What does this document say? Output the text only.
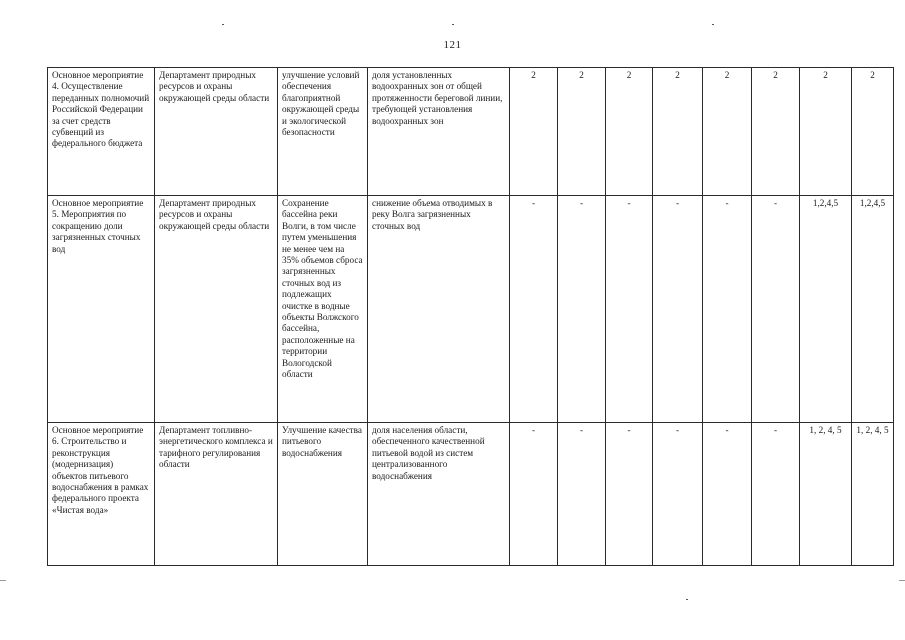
121
Основное мероприятие 4. Осуществление переданных полномочий Российской Федерации за счет средств субвенций из федерального бюджета	Департамент природных ресурсов и охраны окружающей среды области	улучшение условий обеспечения благоприятной окружающей среды и экологической безопасности	доля установленных водоохранных зон от общей протяженности береговой линии, требующей установления водоохранных зон	2	2	2	2	2	2	2	2
Основное мероприятие 5. Мероприятия по сокращению доли загрязненных сточных вод	Департамент природных ресурсов и охраны окружающей среды области	Сохранение бассейна реки Волги, в том числе путем уменьшения не менее чем на 35% объемов сброса загрязненных сточных вод из подлежащих очистке в водные объекты Волжского бассейна, расположенные на территории Вологодской области	снижение объема отводимых в реку Волга загрязненных сточных вод	-	-	-	-	-	-	1,2,4,5	1,2,4,5
Основное мероприятие 6. Строительство и реконструкция (модернизация) объектов питьевого водоснабжения в рамках федерального проекта «Чистая вода»	Департамент топливно-энергетического комплекса и тарифного регулирования области	Улучшение качества питьевого водоснабжения	доля населения области, обеспеченного качественной питьевой водой из систем централизованного водоснабжения	-	-	-	-	-	-	1, 2, 4, 5	1, 2, 4, 5
